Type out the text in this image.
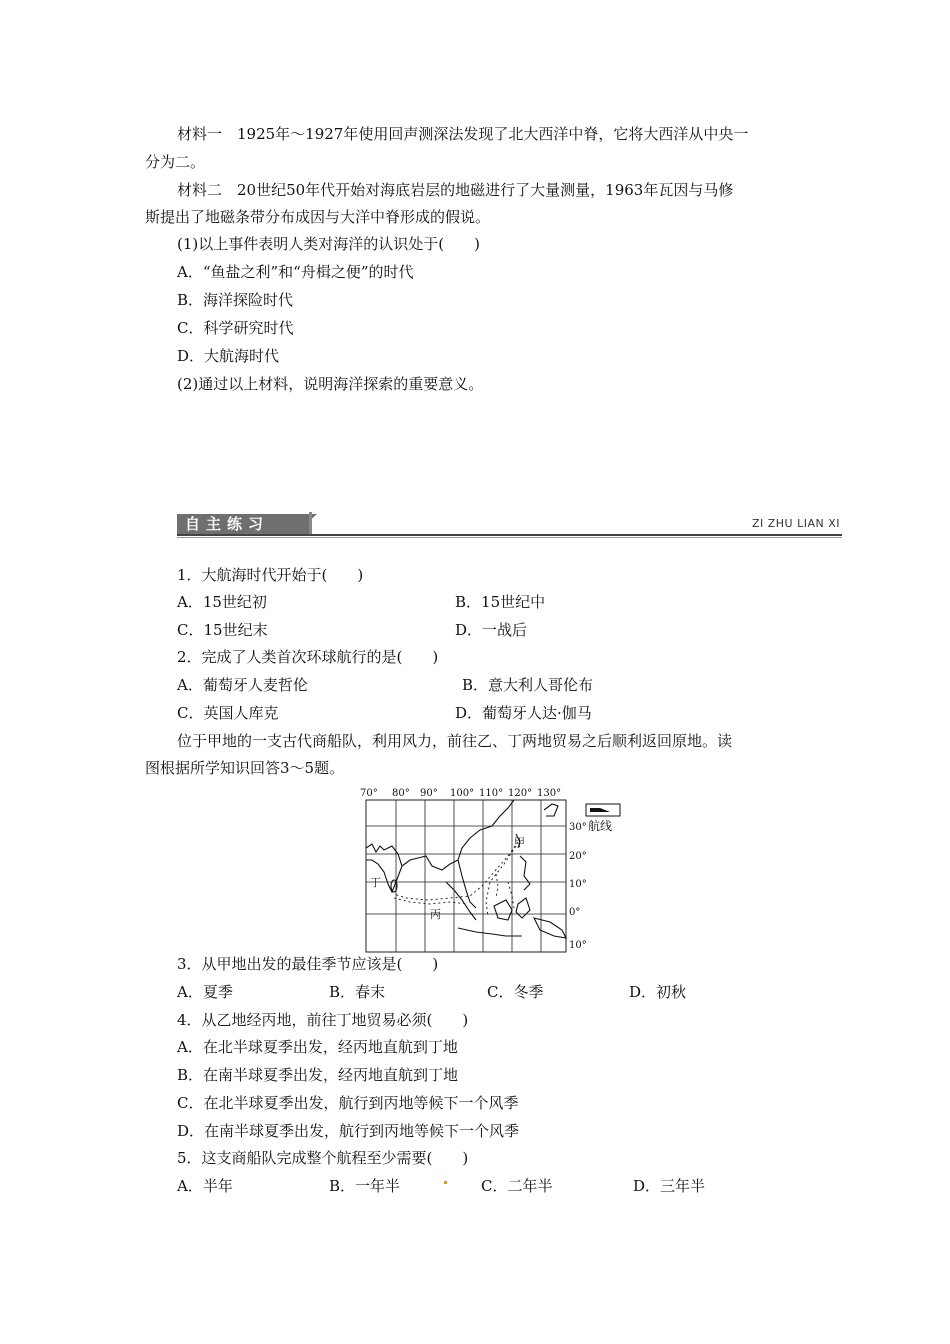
材料一　1925年～1927年使用回声测深法发现了北大西洋中脊，它将大西洋从中央一
分为二。
材料二　20世纪50年代开始对海底岩层的地磁进行了大量测量，1963年瓦因与马修
斯提出了地磁条带分布成因与大洋中脊形成的假说。
(1)以上事件表明人类对海洋的认识处于(　　)
A．“鱼盐之利”和“舟楫之便”的时代
B．海洋探险时代
C．科学研究时代
D．大航海时代
(2)通过以上材料，说明海洋探索的重要意义。
自主练习	ZI ZHU LIAN XI
1．大航海时代开始于(　　)
A．15世纪初	B．15世纪中
C．15世纪末	D．一战后
2．完成了人类首次环球航行的是(　　)
A．葡萄牙人麦哲伦	B．意大利人哥伦布
C．英国人库克	D．葡萄牙人达·伽马
位于甲地的一支古代商船队，利用风力，前往乙、丁两地贸易之后顺利返回原地。读
图根据所学知识回答3～5题。
70° 80° 90° 100° 110° 120° 130°
30°
20°
10°
0°
10°
甲
丙
丁
航线
3．从甲地出发的最佳季节应该是(　　)
A．夏季	B．春末	C．冬季	D．初秋
4．从乙地经丙地，前往丁地贸易必须(　　)
A．在北半球夏季出发，经丙地直航到丁地
B．在南半球夏季出发，经丙地直航到丁地
C．在北半球夏季出发，航行到丙地等候下一个风季
D．在南半球夏季出发，航行到丙地等候下一个风季
5．这支商船队完成整个航程至少需要(　　)
A．半年	B．一年半	C．二年半	D．三年半
